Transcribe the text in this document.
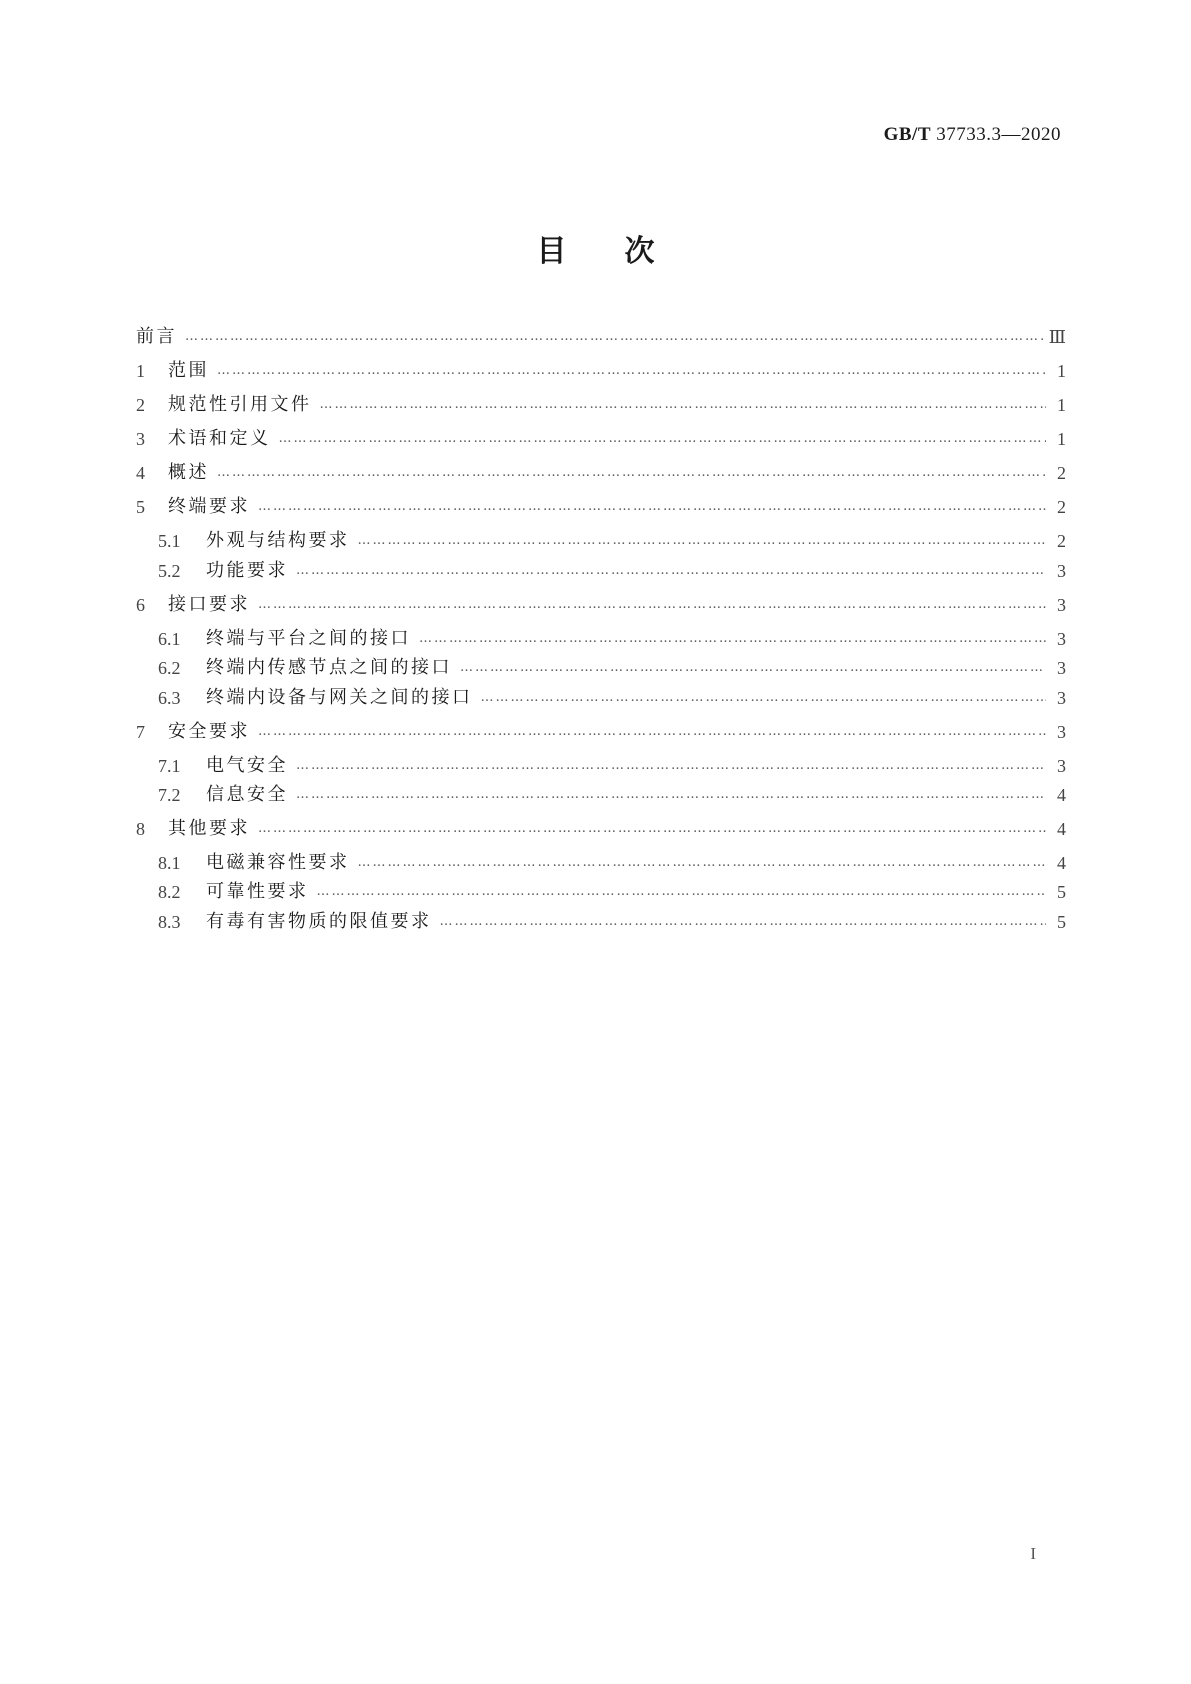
GB/T 37733.3—2020
目 次
前言 ……………………………………………………………………………………………………………………………………………………………………………………………………………………………………………………	Ⅲ
1	范围 ……………………………………………………………………………………………………………………………………………………………………………………………………………………………………………………	1
2	规范性引用文件 ……………………………………………………………………………………………………………………………………………………………………………………………………………………………………………………	1
3	术语和定义 ……………………………………………………………………………………………………………………………………………………………………………………………………………………………………………………	1
4	概述 ……………………………………………………………………………………………………………………………………………………………………………………………………………………………………………………	2
5	终端要求 ……………………………………………………………………………………………………………………………………………………………………………………………………………………………………………………	2
5.1	外观与结构要求 ……………………………………………………………………………………………………………………………………………………………………………………………………………………………………………………	2
5.2	功能要求 ……………………………………………………………………………………………………………………………………………………………………………………………………………………………………………………	3
6	接口要求 ……………………………………………………………………………………………………………………………………………………………………………………………………………………………………………………	3
6.1	终端与平台之间的接口 ……………………………………………………………………………………………………………………………………………………………………………………………………………………………………………………	3
6.2	终端内传感节点之间的接口 ……………………………………………………………………………………………………………………………………………………………………………………………………………………………………………………	3
6.3	终端内设备与网关之间的接口 ……………………………………………………………………………………………………………………………………………………………………………………………………………………………………………………	3
7	安全要求 ……………………………………………………………………………………………………………………………………………………………………………………………………………………………………………………	3
7.1	电气安全 ……………………………………………………………………………………………………………………………………………………………………………………………………………………………………………………	3
7.2	信息安全 ……………………………………………………………………………………………………………………………………………………………………………………………………………………………………………………	4
8	其他要求 ……………………………………………………………………………………………………………………………………………………………………………………………………………………………………………………	4
8.1	电磁兼容性要求 ……………………………………………………………………………………………………………………………………………………………………………………………………………………………………………………	4
8.2	可靠性要求 ……………………………………………………………………………………………………………………………………………………………………………………………………………………………………………………	5
8.3	有毒有害物质的限值要求 ……………………………………………………………………………………………………………………………………………………………………………………………………………………………………………………	5
I
